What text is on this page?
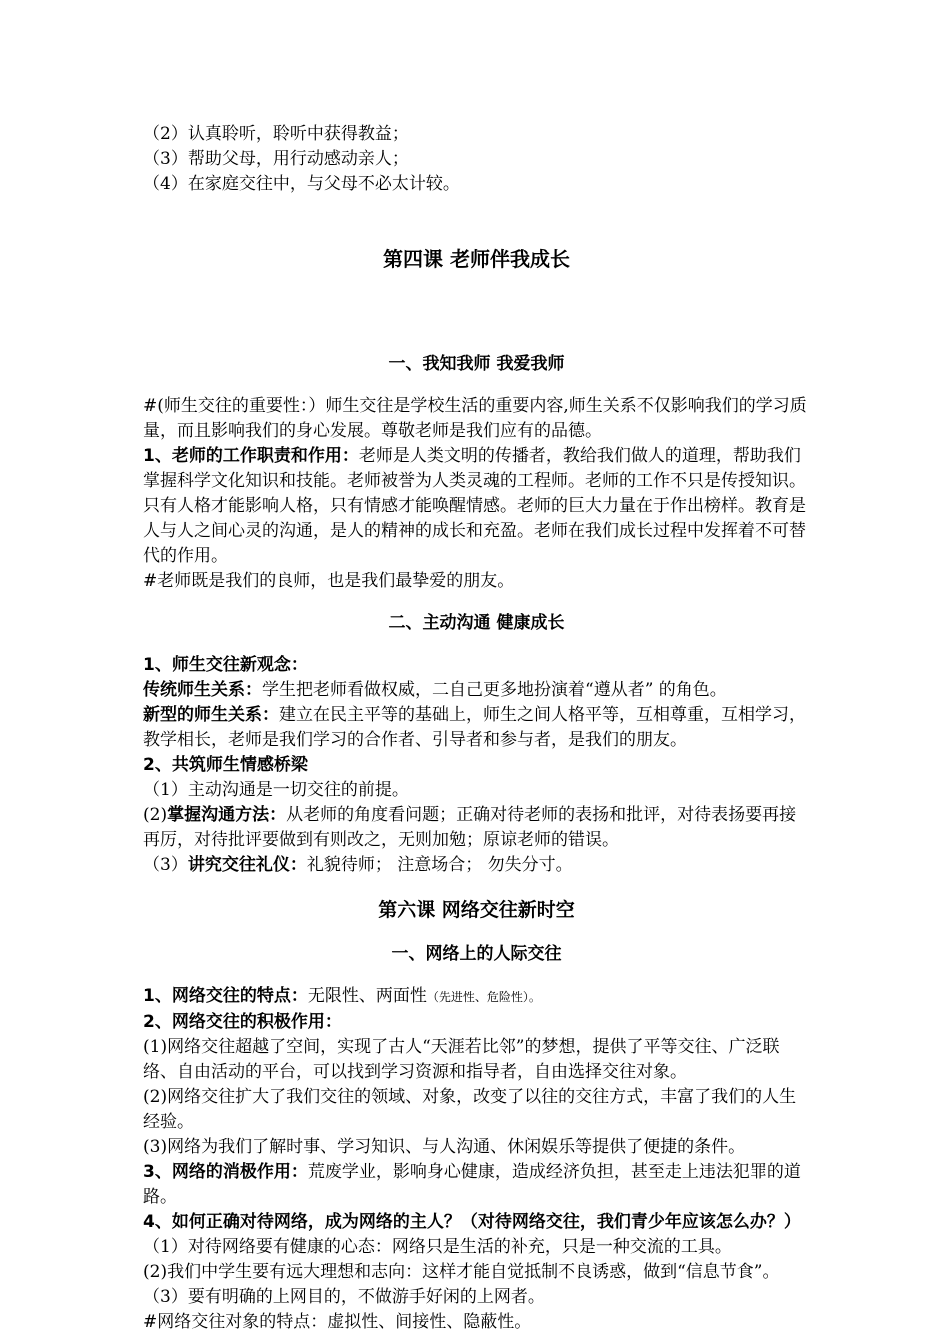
（2）认真聆听，聆听中获得教益；

（3）帮助父母，用行动感动亲人；

（4）在家庭交往中，与父母不必太计较。

第四课 老师伴我成长

一、我知我师 我爱我师

#(师生交往的重要性：）师生交往是学校生活的重要内容,师生关系不仅影响我们的学习质量，而且影响我们的身心发展。尊敬老师是我们应有的品德。

1、老师的工作职责和作用：老师是人类文明的传播者，教给我们做人的道理，帮助我们掌握科学文化知识和技能。老师被誉为人类灵魂的工程师。老师的工作不只是传授知识。只有人格才能影响人格，只有情感才能唤醒情感。老师的巨大力量在于作出榜样。教育是人与人之间心灵的沟通，是人的精神的成长和充盈。老师在我们成长过程中发挥着不可替代的作用。

#老师既是我们的良师，也是我们最挚爱的朋友。

二、主动沟通 健康成长

1、师生交往新观念：

传统师生关系：学生把老师看做权威，二自己更多地扮演着“遵从者” 的角色。

新型的师生关系：建立在民主平等的基础上，师生之间人格平等，互相尊重，互相学习，教学相长，老师是我们学习的合作者、引导者和参与者，是我们的朋友。

2、共筑师生情感桥梁

（1）主动沟通是一切交往的前提。

(2)掌握沟通方法：从老师的角度看问题；正确对待老师的表扬和批评，对待表扬要再接再厉，对待批评要做到有则改之，无则加勉；原谅老师的错误。

（3）讲究交往礼仪：礼貌待师； 注意场合； 勿失分寸。

第六课 网络交往新时空

一、网络上的人际交往

1、网络交往的特点：无限性、两面性（先进性、危险性）。

2、网络交往的积极作用：

(1)网络交往超越了空间，实现了古人“天涯若比邻”的梦想，提供了平等交往、广泛联络、自由活动的平台，可以找到学习资源和指导者，自由选择交往对象。

(2)网络交往扩大了我们交往的领域、对象，改变了以往的交往方式，丰富了我们的人生经验。

(3)网络为我们了解时事、学习知识、与人沟通、休闲娱乐等提供了便捷的条件。

3、网络的消极作用：荒废学业，影响身心健康，造成经济负担，甚至走上违法犯罪的道路。

4、如何正确对待网络，成为网络的主人？（对待网络交往，我们青少年应该怎么办？）

（1）对待网络要有健康的心态：网络只是生活的补充，只是一种交流的工具。

(2)我们中学生要有远大理想和志向：这样才能自觉抵制不良诱惑，做到“信息节食”。

（3）要有明确的上网目的，不做游手好闲的上网者。

#网络交往对象的特点：虚拟性、间接性、隐蔽性。
